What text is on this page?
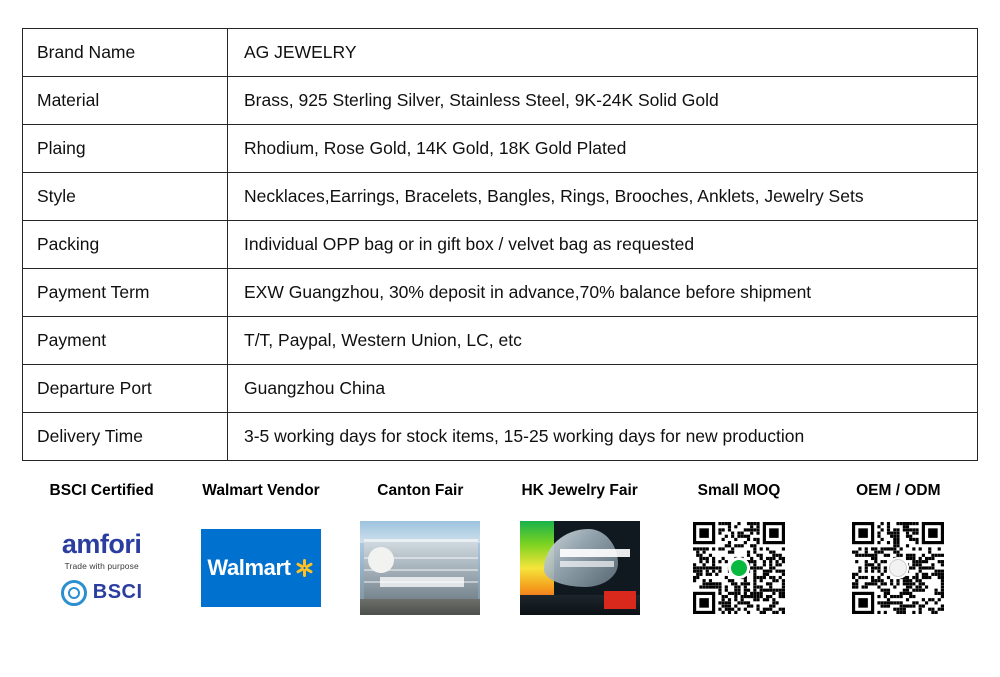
Brand Name	AG JEWELRY
Material	Brass, 925 Sterling Silver, Stainless Steel, 9K-24K Solid Gold
Plaing	Rhodium, Rose Gold, 14K Gold, 18K Gold Plated
Style	Necklaces,Earrings, Bracelets, Bangles, Rings, Brooches, Anklets, Jewelry Sets
Packing	Individual OPP bag or in gift box / velvet bag as requested
Payment Term	EXW Guangzhou, 30% deposit in advance,70% balance before shipment
Payment	T/T, Paypal, Western Union, LC, etc
Departure Port	Guangzhou China
Delivery Time	3-5 working days for stock items, 15-25 working days for new production
BSCI Certified
amfori
Trade with purpose
BSCI
Walmart Vendor
Walmart
Canton Fair	HK Jewelry Fair	Small MOQ	OEM / ODM
